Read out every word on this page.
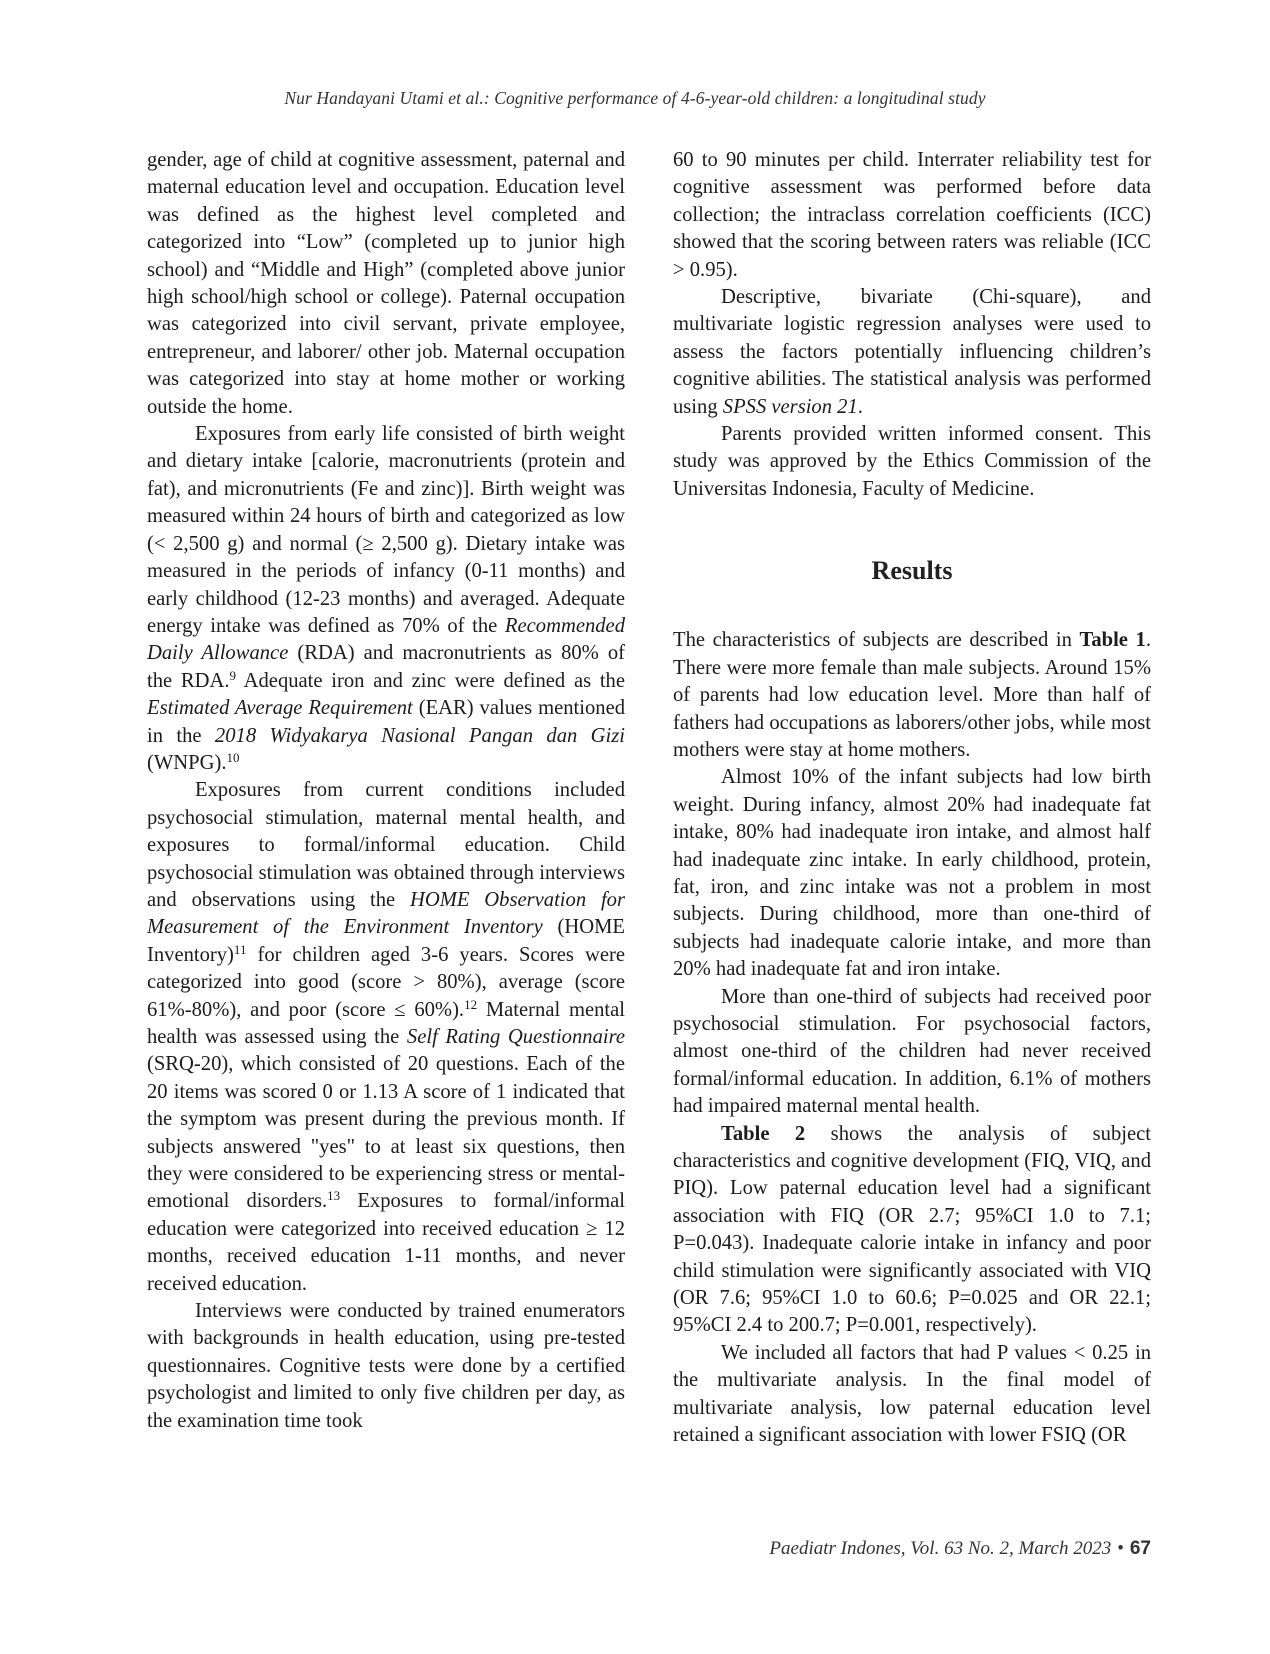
Nur Handayani Utami et al.: Cognitive performance of 4-6-year-old children: a longitudinal study

gender, age of child at cognitive assessment, paternal and maternal education level and occupation. Education level was defined as the highest level completed and categorized into “Low” (completed up to junior high school) and “Middle and High” (completed above junior high school/high school or college). Paternal occupation was categorized into civil servant, private employee, entrepreneur, and laborer/ other job. Maternal occupation was categorized into stay at home mother or working outside the home.

Exposures from early life consisted of birth weight and dietary intake [calorie, macronutrients (protein and fat), and micronutrients (Fe and zinc)]. Birth weight was measured within 24 hours of birth and categorized as low (< 2,500 g) and normal (≥ 2,500 g). Dietary intake was measured in the periods of infancy (0-11 months) and early childhood (12-23 months) and averaged. Adequate energy intake was defined as 70% of the Recommended Daily Allowance (RDA) and macronutrients as 80% of the RDA.$^9$ Adequate iron and zinc were defined as the Estimated Average Requirement (EAR) values mentioned in the 2018 Widyakarya Nasional Pangan dan Gizi (WNPG).$^{10}$

Exposures from current conditions included psychosocial stimulation, maternal mental health, and exposures to formal/informal education. Child psychosocial stimulation was obtained through interviews and observations using the HOME Observation for Measurement of the Environment Inventory (HOME Inventory)$^{11}$ for children aged 3-6 years. Scores were categorized into good (score > 80%), average (score 61%-80%), and poor (score ≤ 60%).$^{12}$ Maternal mental health was assessed using the Self Rating Questionnaire (SRQ-20), which consisted of 20 questions. Each of the 20 items was scored 0 or 1.13 A score of 1 indicated that the symptom was present during the previous month. If subjects answered "yes" to at least six questions, then they were considered to be experiencing stress or mental-emotional disorders.$^{13}$ Exposures to formal/informal education were categorized into received education ≥ 12 months, received education 1-11 months, and never received education.

Interviews were conducted by trained enumerators with backgrounds in health education, using pre-tested questionnaires. Cognitive tests were done by a certified psychologist and limited to only five children per day, as the examination time took

60 to 90 minutes per child. Interrater reliability test for cognitive assessment was performed before data collection; the intraclass correlation coefficients (ICC) showed that the scoring between raters was reliable (ICC > 0.95).

Descriptive, bivariate (Chi-square), and multivariate logistic regression analyses were used to assess the factors potentially influencing children’s cognitive abilities. The statistical analysis was performed using SPSS version 21.

Parents provided written informed consent. This study was approved by the Ethics Commission of the Universitas Indonesia, Faculty of Medicine.

Results

The characteristics of subjects are described in Table 1. There were more female than male subjects. Around 15% of parents had low education level. More than half of fathers had occupations as laborers/other jobs, while most mothers were stay at home mothers.

Almost 10% of the infant subjects had low birth weight. During infancy, almost 20% had inadequate fat intake, 80% had inadequate iron intake, and almost half had inadequate zinc intake. In early childhood, protein, fat, iron, and zinc intake was not a problem in most subjects. During childhood, more than one-third of subjects had inadequate calorie intake, and more than 20% had inadequate fat and iron intake.

More than one-third of subjects had received poor psychosocial stimulation. For psychosocial factors, almost one-third of the children had never received formal/informal education. In addition, 6.1% of mothers had impaired maternal mental health.

Table 2 shows the analysis of subject characteristics and cognitive development (FIQ, VIQ, and PIQ). Low paternal education level had a significant association with FIQ (OR 2.7; 95%CI 1.0 to 7.1; P=0.043). Inadequate calorie intake in infancy and poor child stimulation were significantly associated with VIQ (OR 7.6; 95%CI 1.0 to 60.6; P=0.025 and OR 22.1; 95%CI 2.4 to 200.7; P=0.001, respectively).

We included all factors that had P values < 0.25 in the multivariate analysis. In the final model of multivariate analysis, low paternal education level retained a significant association with lower FSIQ (OR

Paediatr Indones, Vol. 63 No. 2, March 2023 • 67
